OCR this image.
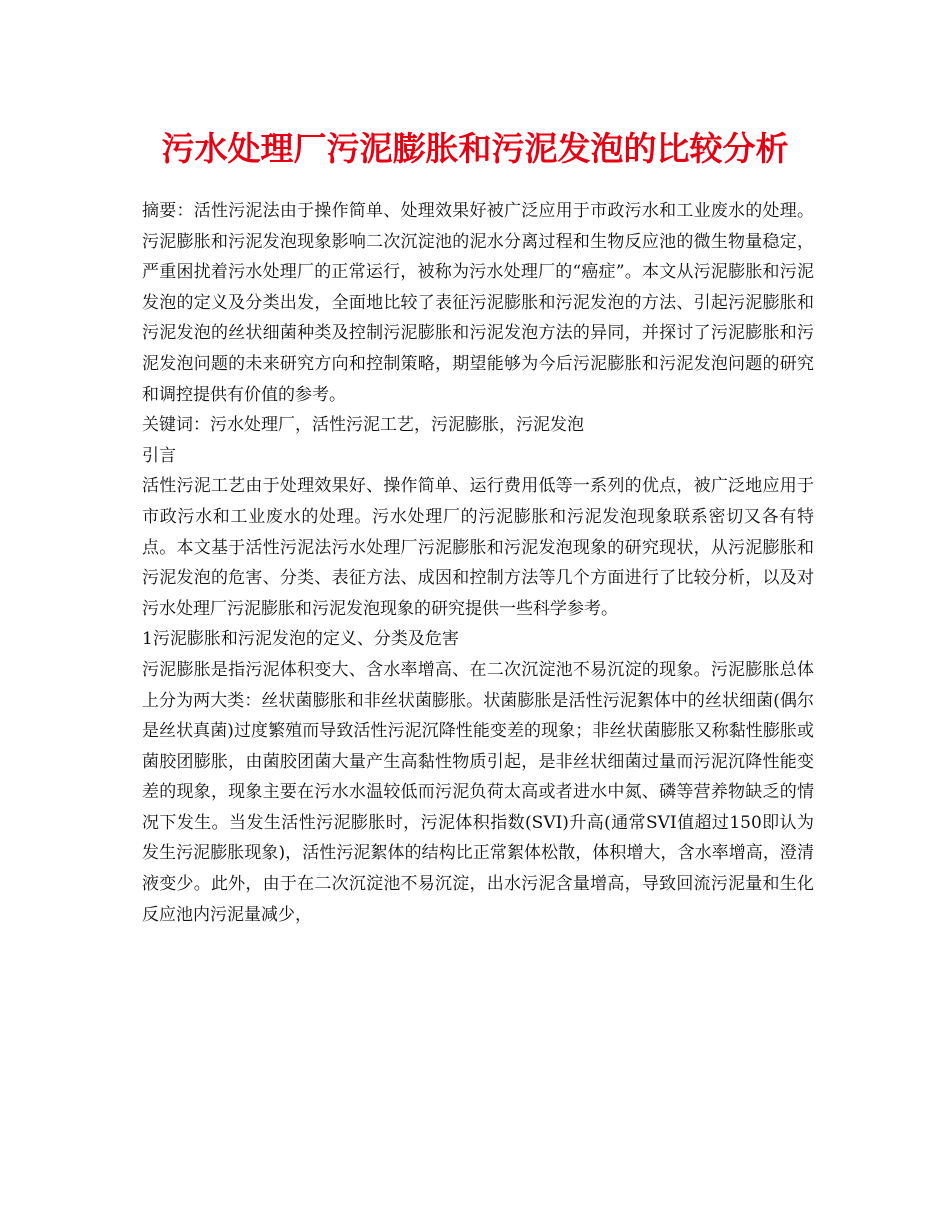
污水处理厂污泥膨胀和污泥发泡的比较分析

摘要：活性污泥法由于操作简单、处理效果好被广泛应用于市政污水和工业废水的处理。污泥膨胀和污泥发泡现象影响二次沉淀池的泥水分离过程和生物反应池的微生物量稳定，严重困扰着污水处理厂的正常运行，被称为污水处理厂的“癌症”。本文从污泥膨胀和污泥发泡的定义及分类出发，全面地比较了表征污泥膨胀和污泥发泡的方法、引起污泥膨胀和污泥发泡的丝状细菌种类及控制污泥膨胀和污泥发泡方法的异同，并探讨了污泥膨胀和污泥发泡问题的未来研究方向和控制策略，期望能够为今后污泥膨胀和污泥发泡问题的研究和调控提供有价值的参考。

关键词：污水处理厂，活性污泥工艺，污泥膨胀，污泥发泡

引言

活性污泥工艺由于处理效果好、操作简单、运行费用低等一系列的优点，被广泛地应用于市政污水和工业废水的处理。污水处理厂的污泥膨胀和污泥发泡现象联系密切又各有特点。本文基于活性污泥法污水处理厂污泥膨胀和污泥发泡现象的研究现状，从污泥膨胀和污泥发泡的危害、分类、表征方法、成因和控制方法等几个方面进行了比较分析，以及对污水处理厂污泥膨胀和污泥发泡现象的研究提供一些科学参考。

1污泥膨胀和污泥发泡的定义、分类及危害

污泥膨胀是指污泥体积变大、含水率增高、在二次沉淀池不易沉淀的现象。污泥膨胀总体上分为两大类：丝状菌膨胀和非丝状菌膨胀。状菌膨胀是活性污泥絮体中的丝状细菌(偶尔是丝状真菌)过度繁殖而导致活性污泥沉降性能变差的现象；非丝状菌膨胀又称黏性膨胀或菌胶团膨胀，由菌胶团菌大量产生高黏性物质引起，是非丝状细菌过量而污泥沉降性能变差的现象，现象主要在污水水温较低而污泥负荷太高或者进水中氮、磷等营养物缺乏的情况下发生。当发生活性污泥膨胀时，污泥体积指数(SVI)升高(通常SVI值超过150即认为发生污泥膨胀现象)，活性污泥絮体的结构比正常絮体松散，体积增大，含水率增高，澄清液变少。此外，由于在二次沉淀池不易沉淀，出水污泥含量增高，导致回流污泥量和生化反应池内污泥量减少，
